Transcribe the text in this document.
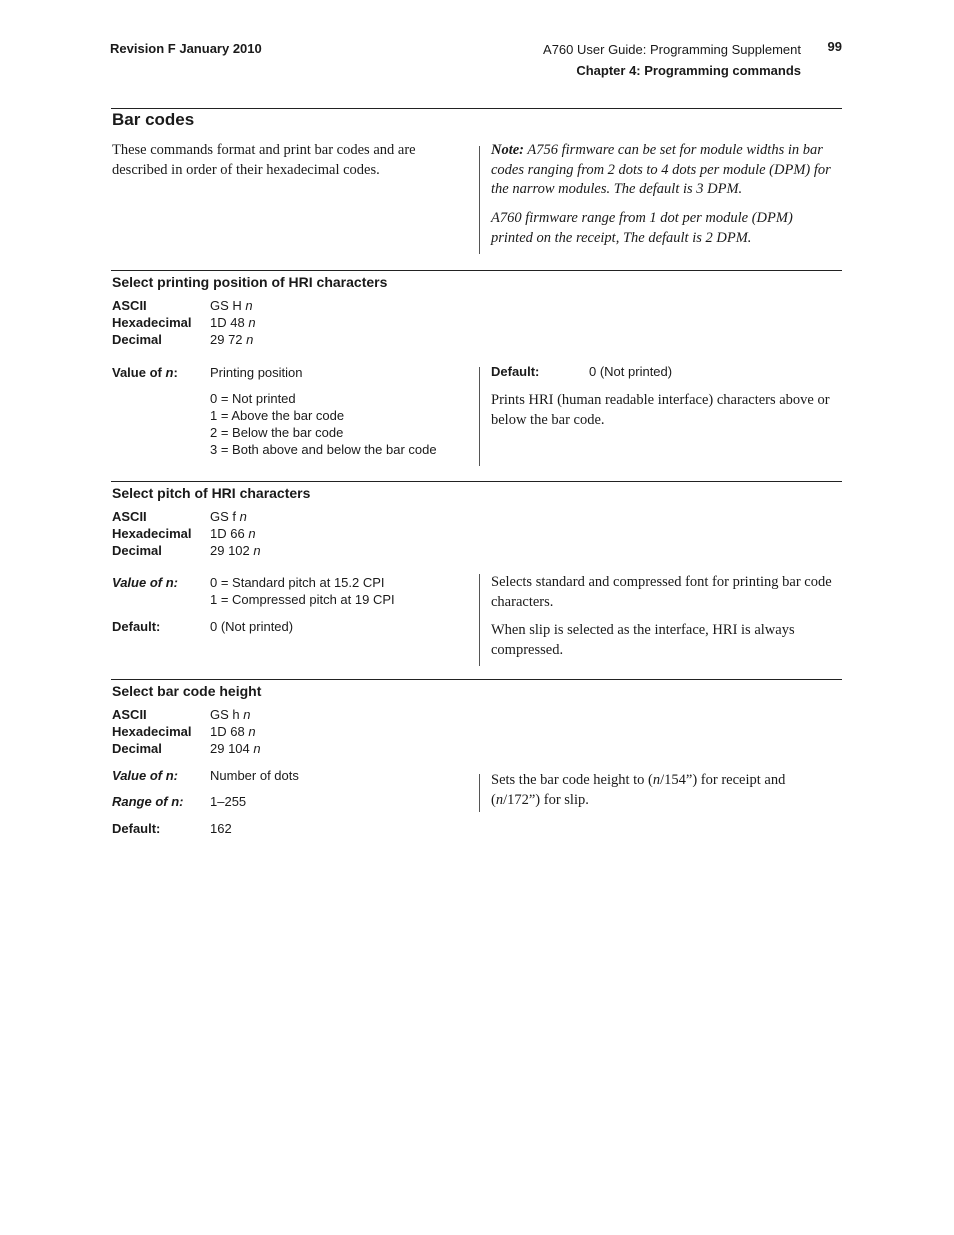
Revision F January 2010	A760 User Guide: Programming Supplement
Chapter 4: Programming commands
99
Bar codes
These commands format and print bar codes and are described in order of their hexadecimal codes.
Note: A756 firmware can be set for module widths in bar codes ranging from 2 dots to 4 dots per module (DPM) for the narrow modules. The default is 3 DPM.
A760 firmware range from 1 dot per module (DPM) printed on the receipt, The default is 2 DPM.
Select printing position of HRI characters
ASCII	GS H n
Hexadecimal 1D 48 n
Decimal	29 72 n
Value of n: Printing position
0 = Not printed
1 = Above the bar code
2 = Below the bar code
3 = Both above and below the bar code
Default:	0 (Not printed)
Prints HRI (human readable interface) characters above or below the bar code.
Select pitch of HRI characters
ASCII	GS f n
Hexadecimal 1D 66 n
Decimal	29 102 n
Value of n:	0 = Standard pitch at 15.2 CPI
1 = Compressed pitch at 19 CPI
Default:	0 (Not printed)
Selects standard and compressed font for printing bar code characters.
When slip is selected as the interface, HRI is always compressed.
Select bar code height
ASCII	GS h n
Hexadecimal 1D 68 n
Decimal	29 104 n
Value of n: Number of dots
Range of n: 1–255
Default:	162
Sets the bar code height to (n/154”) for receipt and (n/172”) for slip.
